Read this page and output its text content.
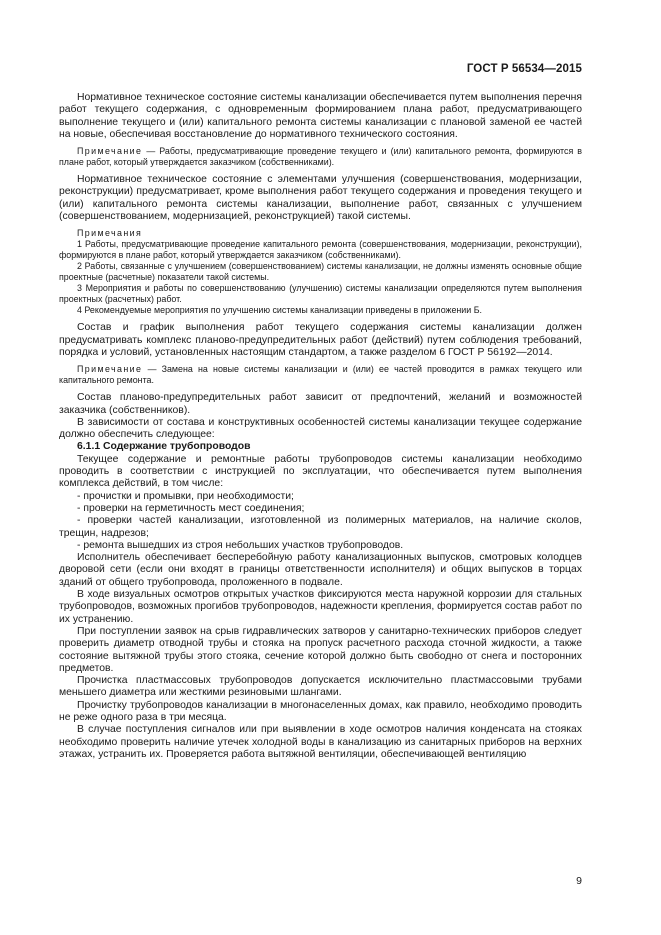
ГОСТ Р 56534—2015

Нормативное техническое состояние системы канализации обеспечивается путем выполнения перечня работ текущего содержания, с одновременным формированием плана работ, предусматривающего выполнение текущего и (или) капитального ремонта системы канализации с плановой заменой ее частей на новые, обеспечивая восстановление до нормативного технического состояния.

Примечание — Работы, предусматривающие проведение текущего и (или) капитального ремонта, формируются в плане работ, который утверждается заказчиком (собственниками).

Нормативное техническое состояние с элементами улучшения (совершенствования, модернизации, реконструкции) предусматривает, кроме выполнения работ текущего содержания и проведения текущего и (или) капитального ремонта системы канализации, выполнение работ, связанных с улучшением (совершенствованием, модернизацией, реконструкцией) такой системы.

Примечания

1 Работы, предусматривающие проведение капитального ремонта (совершенствования, модернизации, реконструкции), формируются в плане работ, который утверждается заказчиком (собственниками).

2 Работы, связанные с улучшением (совершенствованием) системы канализации, не должны изменять основные общие проектные (расчетные) показатели такой системы.

3 Мероприятия и работы по совершенствованию (улучшению) системы канализации определяются путем выполнения проектных (расчетных) работ.

4 Рекомендуемые мероприятия по улучшению системы канализации приведены в приложении Б.

Состав и график выполнения работ текущего содержания системы канализации должен предусматривать комплекс планово-предупредительных работ (действий) путем соблюдения требований, порядка и условий, установленных настоящим стандартом, а также разделом 6 ГОСТ Р 56192—2014.

Примечание — Замена на новые системы канализации и (или) ее частей проводится в рамках текущего или капитального ремонта.

Состав планово-предупредительных работ зависит от предпочтений, желаний и возможностей заказчика (собственников).

В зависимости от состава и конструктивных особенностей системы канализации текущее содержание должно обеспечить следующее:

6.1.1 Содержание трубопроводов

Текущее содержание и ремонтные работы трубопроводов системы канализации необходимо проводить в соответствии с инструкцией по эксплуатации, что обеспечивается путем выполнения комплекса действий, в том числе:

- прочистки и промывки, при необходимости;

- проверки на герметичность мест соединения;

- проверки частей канализации, изготовленной из полимерных материалов, на наличие сколов, трещин, надрезов;

- ремонта вышедших из строя небольших участков трубопроводов.

Исполнитель обеспечивает бесперебойную работу канализационных выпусков, смотровых колодцев дворовой сети (если они входят в границы ответственности исполнителя) и общих выпусков в торцах зданий от общего трубопровода, проложенного в подвале.

В ходе визуальных осмотров открытых участков фиксируются места наружной коррозии для стальных трубопроводов, возможных прогибов трубопроводов, надежности крепления, формируется состав работ по их устранению.

При поступлении заявок на срыв гидравлических затворов у санитарно-технических приборов следует проверить диаметр отводной трубы и стояка на пропуск расчетного расхода сточной жидкости, а также состояние вытяжной трубы этого стояка, сечение которой должно быть свободно от снега и посторонних предметов.

Прочистка пластмассовых трубопроводов допускается исключительно пластмассовыми трубами меньшего диаметра или жесткими резиновыми шлангами.

Прочистку трубопроводов канализации в многонаселенных домах, как правило, необходимо проводить не реже одного раза в три месяца.

В случае поступления сигналов или при выявлении в ходе осмотров наличия конденсата на стояках необходимо проверить наличие утечек холодной воды в канализацию из санитарных приборов на верхних этажах, устранить их. Проверяется работа вытяжной вентиляции, обеспечивающей вентиляцию

9
